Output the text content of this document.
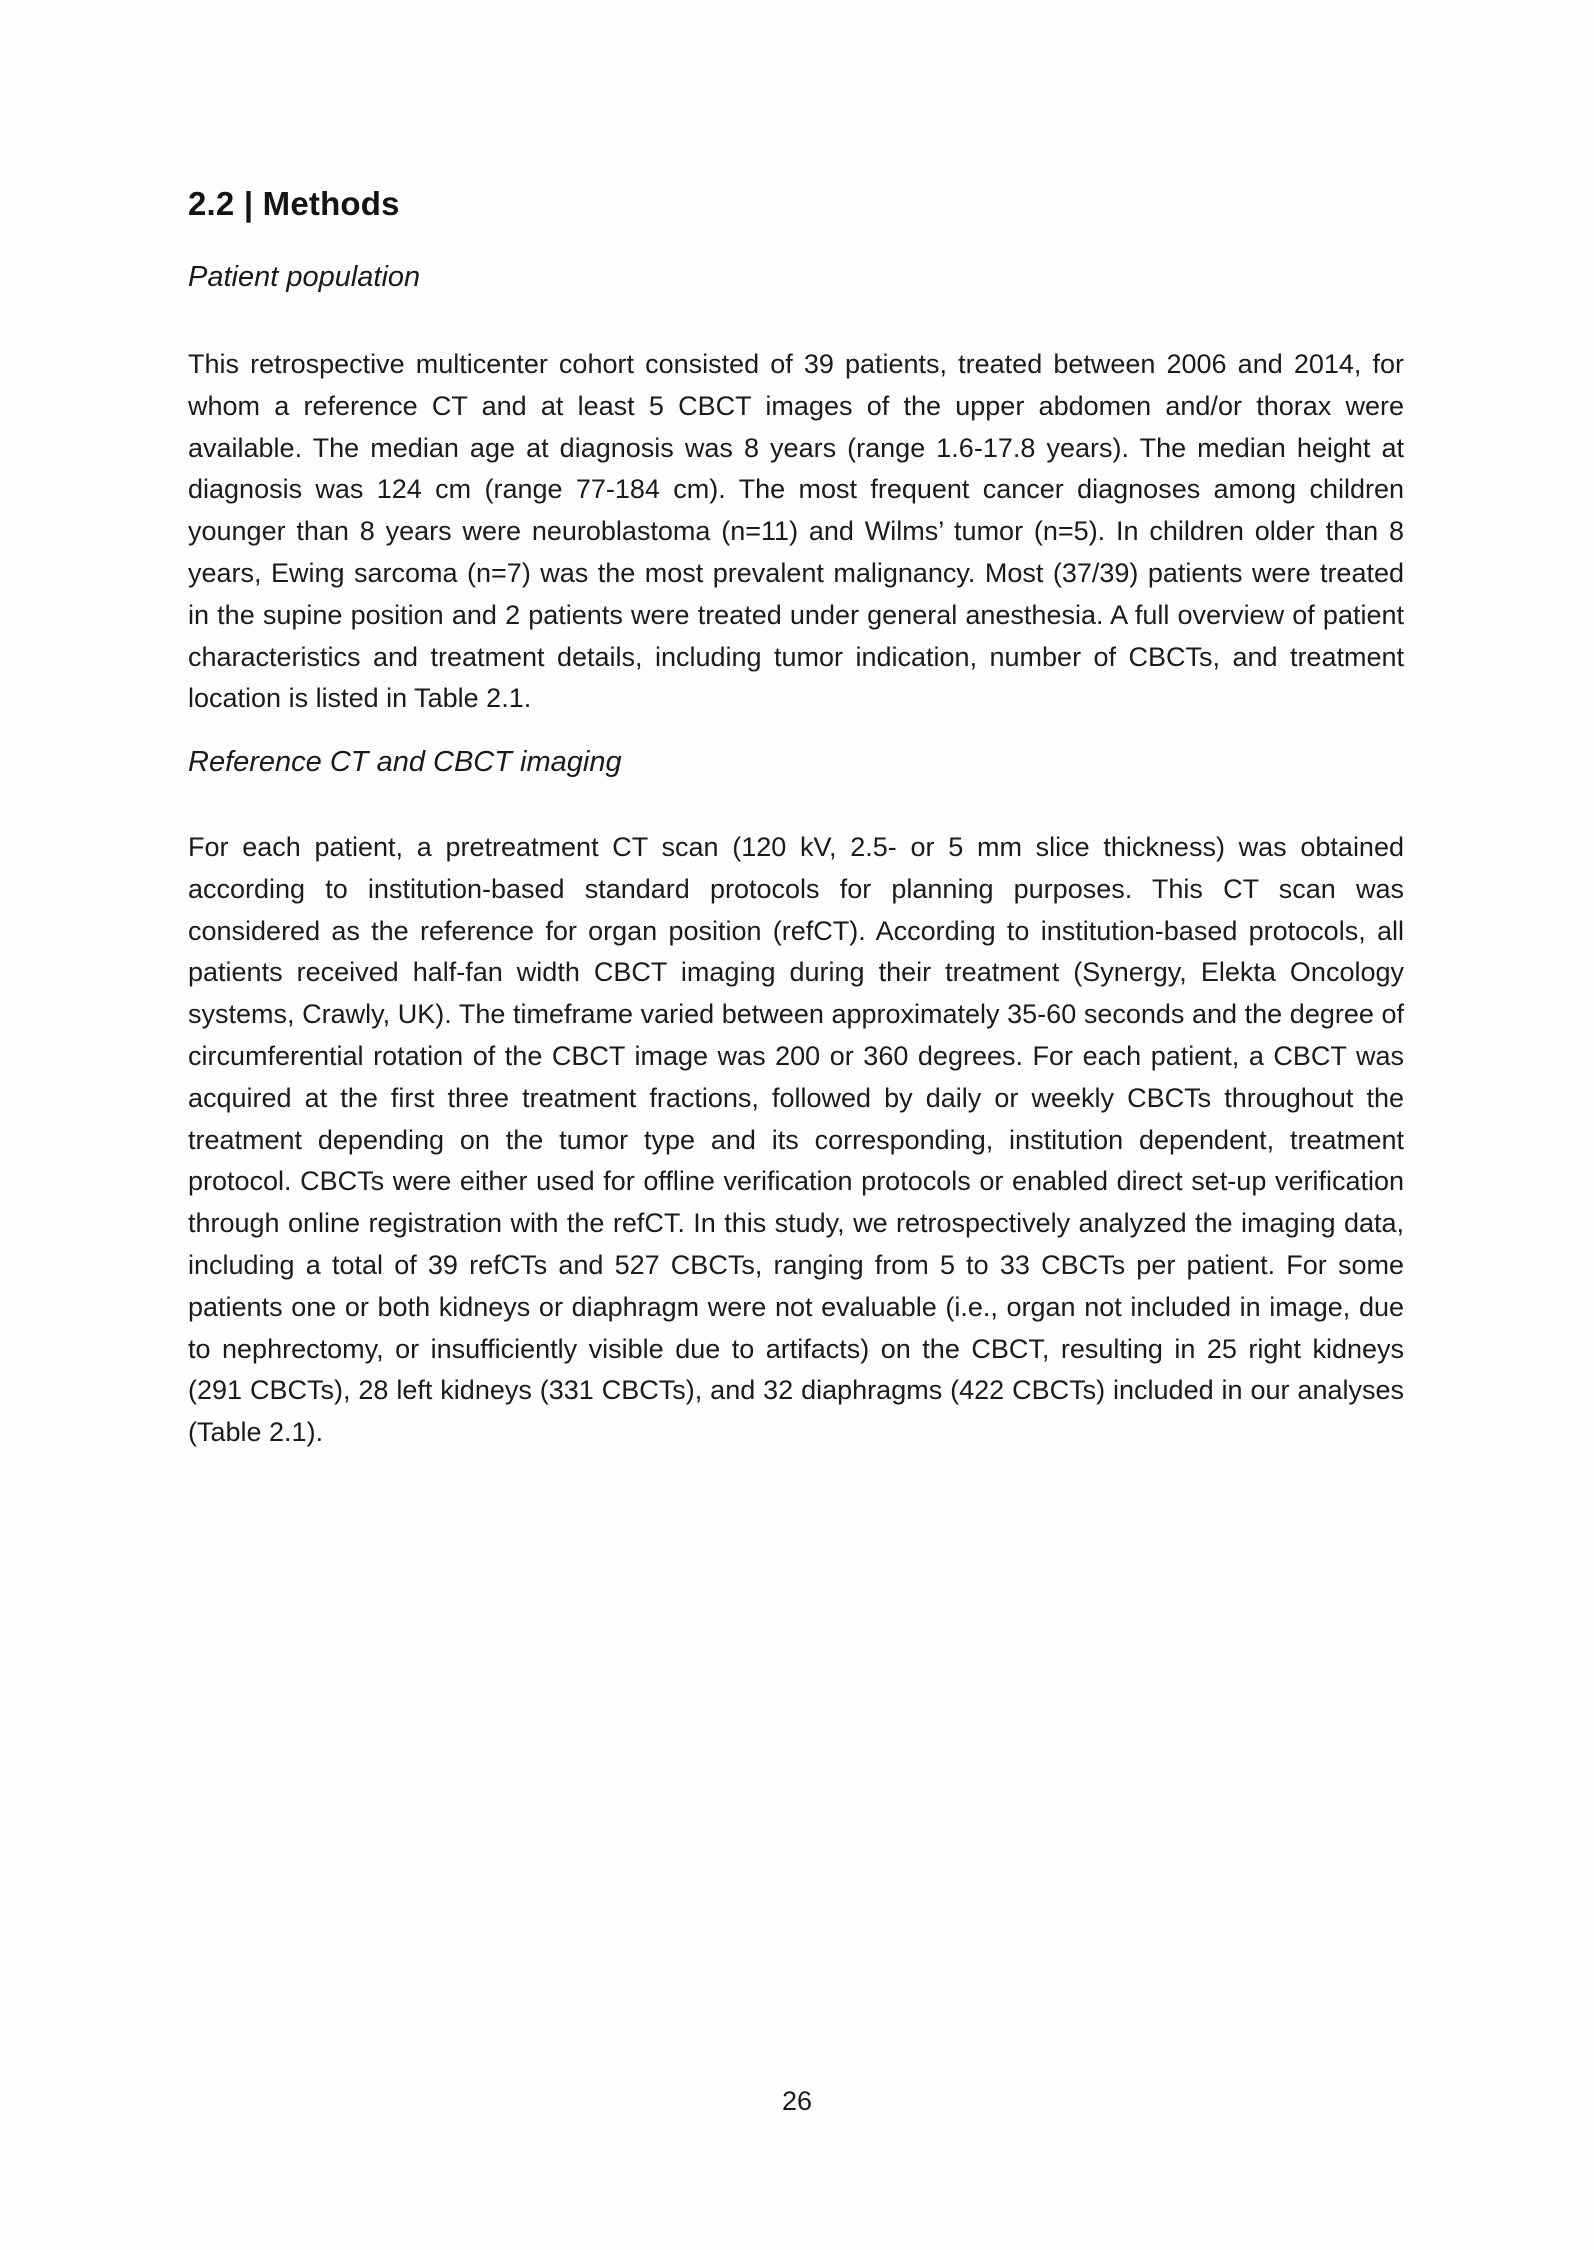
2.2 | Methods
Patient population
This retrospective multicenter cohort consisted of 39 patients, treated between 2006 and 2014, for whom a reference CT and at least 5 CBCT images of the upper abdomen and/or thorax were available. The median age at diagnosis was 8 years (range 1.6-17.8 years). The median height at diagnosis was 124 cm (range 77-184 cm). The most frequent cancer diagnoses among children younger than 8 years were neuroblastoma (n=11) and Wilms’ tumor (n=5). In children older than 8 years, Ewing sarcoma (n=7) was the most prevalent malignancy. Most (37/39) patients were treated in the supine position and 2 patients were treated under general anesthesia. A full overview of patient characteristics and treatment details, including tumor indication, number of CBCTs, and treatment location is listed in Table 2.1.
Reference CT and CBCT imaging
For each patient, a pretreatment CT scan (120 kV, 2.5- or 5 mm slice thickness) was obtained according to institution-based standard protocols for planning purposes. This CT scan was considered as the reference for organ position (refCT). According to institution-based protocols, all patients received half-fan width CBCT imaging during their treatment (Synergy, Elekta Oncology systems, Crawly, UK). The timeframe varied between approximately 35-60 seconds and the degree of circumferential rotation of the CBCT image was 200 or 360 degrees. For each patient, a CBCT was acquired at the first three treatment fractions, followed by daily or weekly CBCTs throughout the treatment depending on the tumor type and its corresponding, institution dependent, treatment protocol. CBCTs were either used for offline verification protocols or enabled direct set-up verification through online registration with the refCT. In this study, we retrospectively analyzed the imaging data, including a total of 39 refCTs and 527 CBCTs, ranging from 5 to 33 CBCTs per patient. For some patients one or both kidneys or diaphragm were not evaluable (i.e., organ not included in image, due to nephrectomy, or insufficiently visible due to artifacts) on the CBCT, resulting in 25 right kidneys (291 CBCTs), 28 left kidneys (331 CBCTs), and 32 diaphragms (422 CBCTs) included in our analyses (Table 2.1).
26
